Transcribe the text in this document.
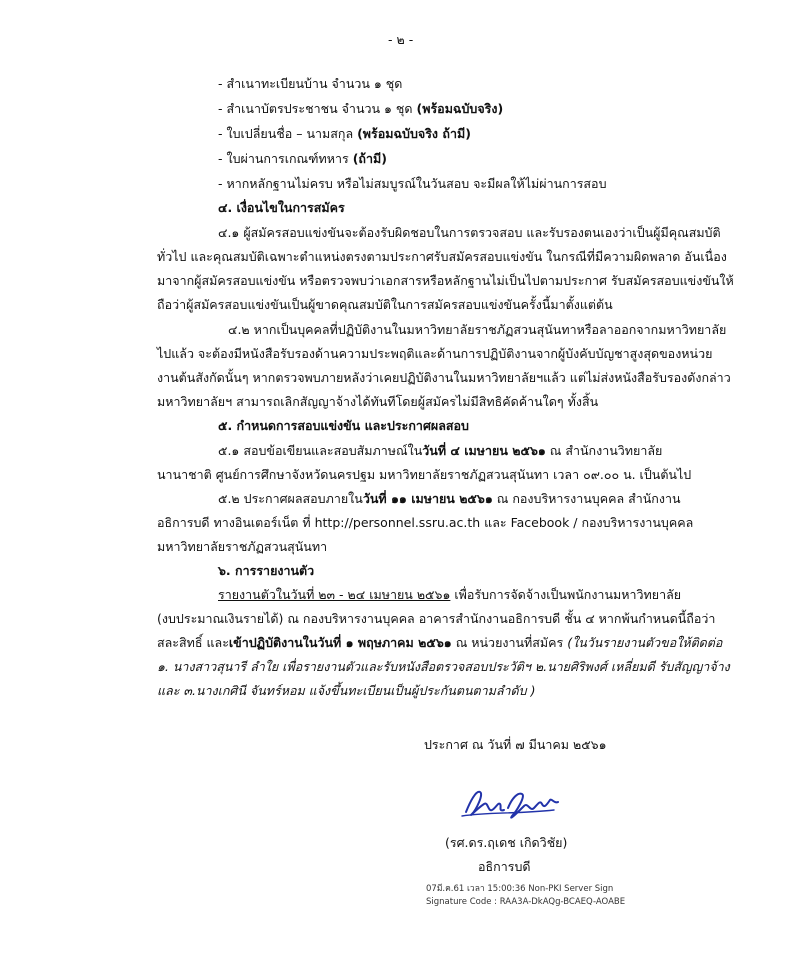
- ๒ -
- สำเนาทะเบียนบ้าน จำนวน ๑ ชุด
- สำเนาบัตรประชาชน จำนวน ๑ ชุด (พร้อมฉบับจริง)
- ใบเปลี่ยนชื่อ – นามสกุล (พร้อมฉบับจริง ถ้ามี)
- ใบผ่านการเกณฑ์ทหาร (ถ้ามี)
- หากหลักฐานไม่ครบ หรือไม่สมบูรณ์ในวันสอบ จะมีผลให้ไม่ผ่านการสอบ
๔. เงื่อนไขในการสมัคร
๔.๑ ผู้สมัครสอบแข่งขันจะต้องรับผิดชอบในการตรวจสอบ และรับรองตนเองว่าเป็นผู้มีคุณสมบัติ
ทั่วไป และคุณสมบัติเฉพาะตำแหน่งตรงตามประกาศรับสมัครสอบแข่งขัน ในกรณีที่มีความผิดพลาด อันเนื่อง
มาจากผู้สมัครสอบแข่งขัน หรือตรวจพบว่าเอกสารหรือหลักฐานไม่เป็นไปตามประกาศ รับสมัครสอบแข่งขันให้
ถือว่าผู้สมัครสอบแข่งขันเป็นผู้ขาดคุณสมบัติในการสมัครสอบแข่งขันครั้งนี้มาตั้งแต่ต้น
๔.๒ หากเป็นบุคคลที่ปฏิบัติงานในมหาวิทยาลัยราชภัฏสวนสุนันทาหรือลาออกจากมหาวิทยาลัย
ไปแล้ว จะต้องมีหนังสือรับรองด้านความประพฤติและด้านการปฏิบัติงานจากผู้บังคับบัญชาสูงสุดของหน่วย
งานต้นสังกัดนั้นๆ หากตรวจพบภายหลังว่าเคยปฏิบัติงานในมหาวิทยาลัยฯแล้ว แต่ไม่ส่งหนังสือรับรองดังกล่าว
มหาวิทยาลัยฯ สามารถเลิกสัญญาจ้างได้ทันทีโดยผู้สมัครไม่มีสิทธิคัดค้านใดๆ ทั้งสิ้น
๕. กำหนดการสอบแข่งขัน และประกาศผลสอบ
๕.๑ สอบข้อเขียนและสอบสัมภาษณ์ในวันที่ ๔ เมษายน ๒๕๖๑ ณ สำนักงานวิทยาลัย
นานาชาติ ศูนย์การศึกษาจังหวัดนครปฐม มหาวิทยาลัยราชภัฏสวนสุนันทา เวลา ๐๙.๐๐ น. เป็นต้นไป
๕.๒ ประกาศผลสอบภายในวันที่ ๑๑ เมษายน ๒๕๖๑ ณ กองบริหารงานบุคคล สำนักงาน
อธิการบดี ทางอินเตอร์เน็ต ที่ http://personnel.ssru.ac.th และ Facebook / กองบริหารงานบุคคล
มหาวิทยาลัยราชภัฏสวนสุนันทา
๖. การรายงานตัว
รายงานตัวในวันที่ ๒๓ - ๒๔ เมษายน ๒๕๖๑ เพื่อรับการจัดจ้างเป็นพนักงานมหาวิทยาลัย
(งบประมาณเงินรายได้) ณ กองบริหารงานบุคคล อาคารสำนักงานอธิการบดี ชั้น ๔ หากพ้นกำหนดนี้ถือว่า
สละสิทธิ์ และเข้าปฏิบัติงานในวันที่ ๑ พฤษภาคม ๒๕๖๑ ณ หน่วยงานที่สมัคร (ในวันรายงานตัวขอให้ติดต่อ
๑. นางสาวสุนารี ลำใย เพื่อรายงานตัวและรับหนังสือตรวจสอบประวัติฯ ๒.นายศิริพงศ์ เหลี่ยมดี รับสัญญาจ้าง
และ ๓.นางเกศินี จันทร์หอม แจ้งขึ้นทะเบียนเป็นผู้ประกันตนตามลำดับ )
ประกาศ ณ วันที่ ๗ มีนาคม ๒๕๖๑
(รศ.ดร.ฤเดช เกิดวิชัย)
อธิการบดี
07มี.ค.61 เวลา 15:00:36 Non-PKI Server Sign
Signature Code : RAA3A-DkAQg-BCAEQ-AOABE
